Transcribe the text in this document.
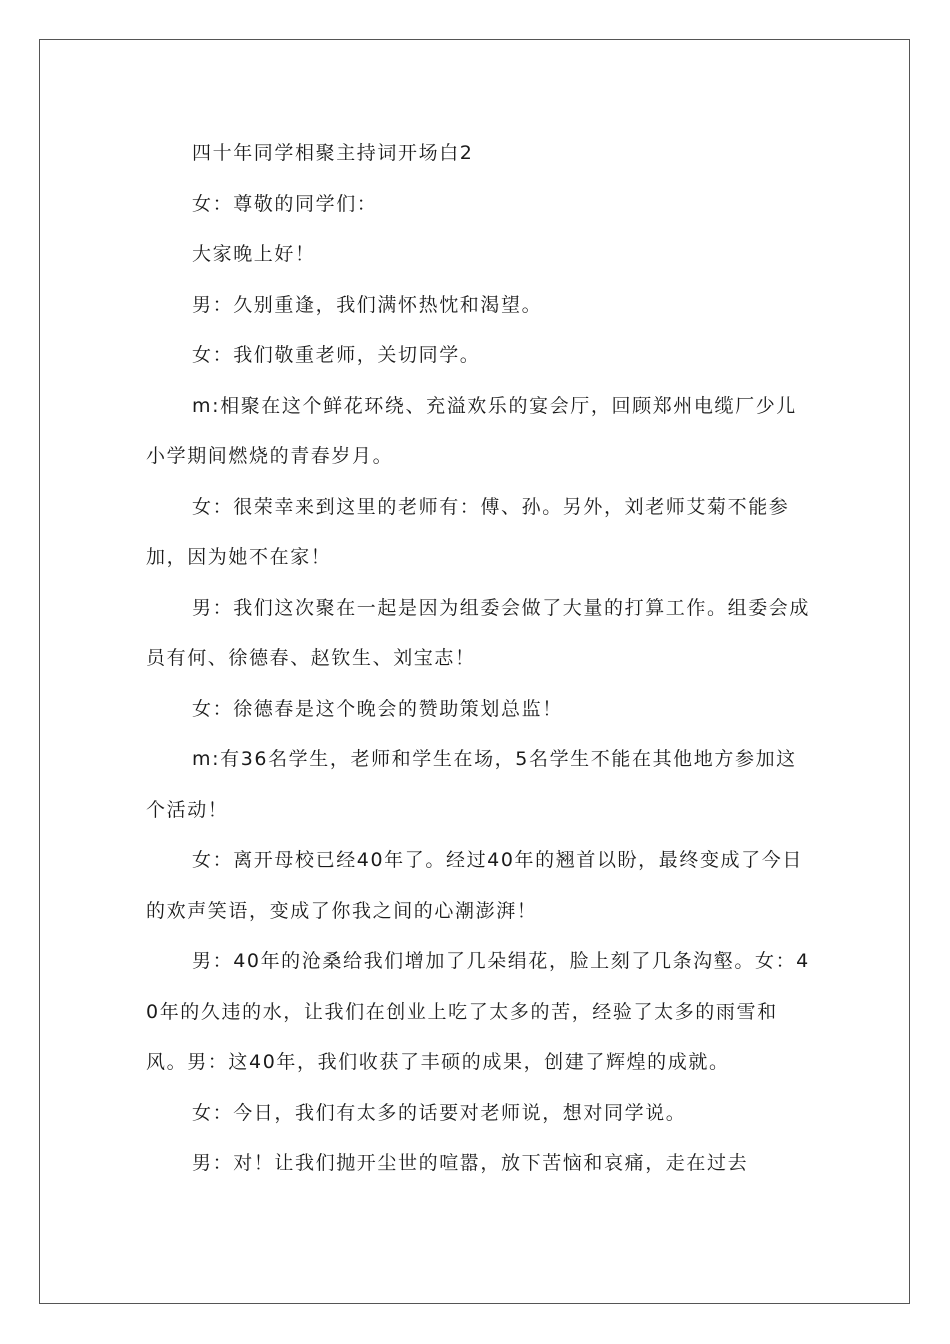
四十年同学相聚主持词开场白2

女：尊敬的同学们：

大家晚上好！

男：久别重逢，我们满怀热忱和渴望。

女：我们敬重老师，关切同学。

m:相聚在这个鲜花环绕、充溢欢乐的宴会厅，回顾郑州电缆厂少儿小学期间燃烧的青春岁月。

女：很荣幸来到这里的老师有：傅、孙。另外，刘老师艾菊不能参加，因为她不在家！

男：我们这次聚在一起是因为组委会做了大量的打算工作。组委会成员有何、徐德春、赵钦生、刘宝志！

女：徐德春是这个晚会的赞助策划总监！

m:有36名学生，老师和学生在场，5名学生不能在其他地方参加这个活动！

女：离开母校已经40年了。经过40年的翘首以盼，最终变成了今日的欢声笑语，变成了你我之间的心潮澎湃！

男：40年的沧桑给我们增加了几朵绢花，脸上刻了几条沟壑。女：40年的久违的水，让我们在创业上吃了太多的苦，经验了太多的雨雪和风。男：这40年，我们收获了丰硕的成果，创建了辉煌的成就。

女：今日，我们有太多的话要对老师说，想对同学说。

男：对！让我们抛开尘世的喧嚣，放下苦恼和哀痛，走在过去
